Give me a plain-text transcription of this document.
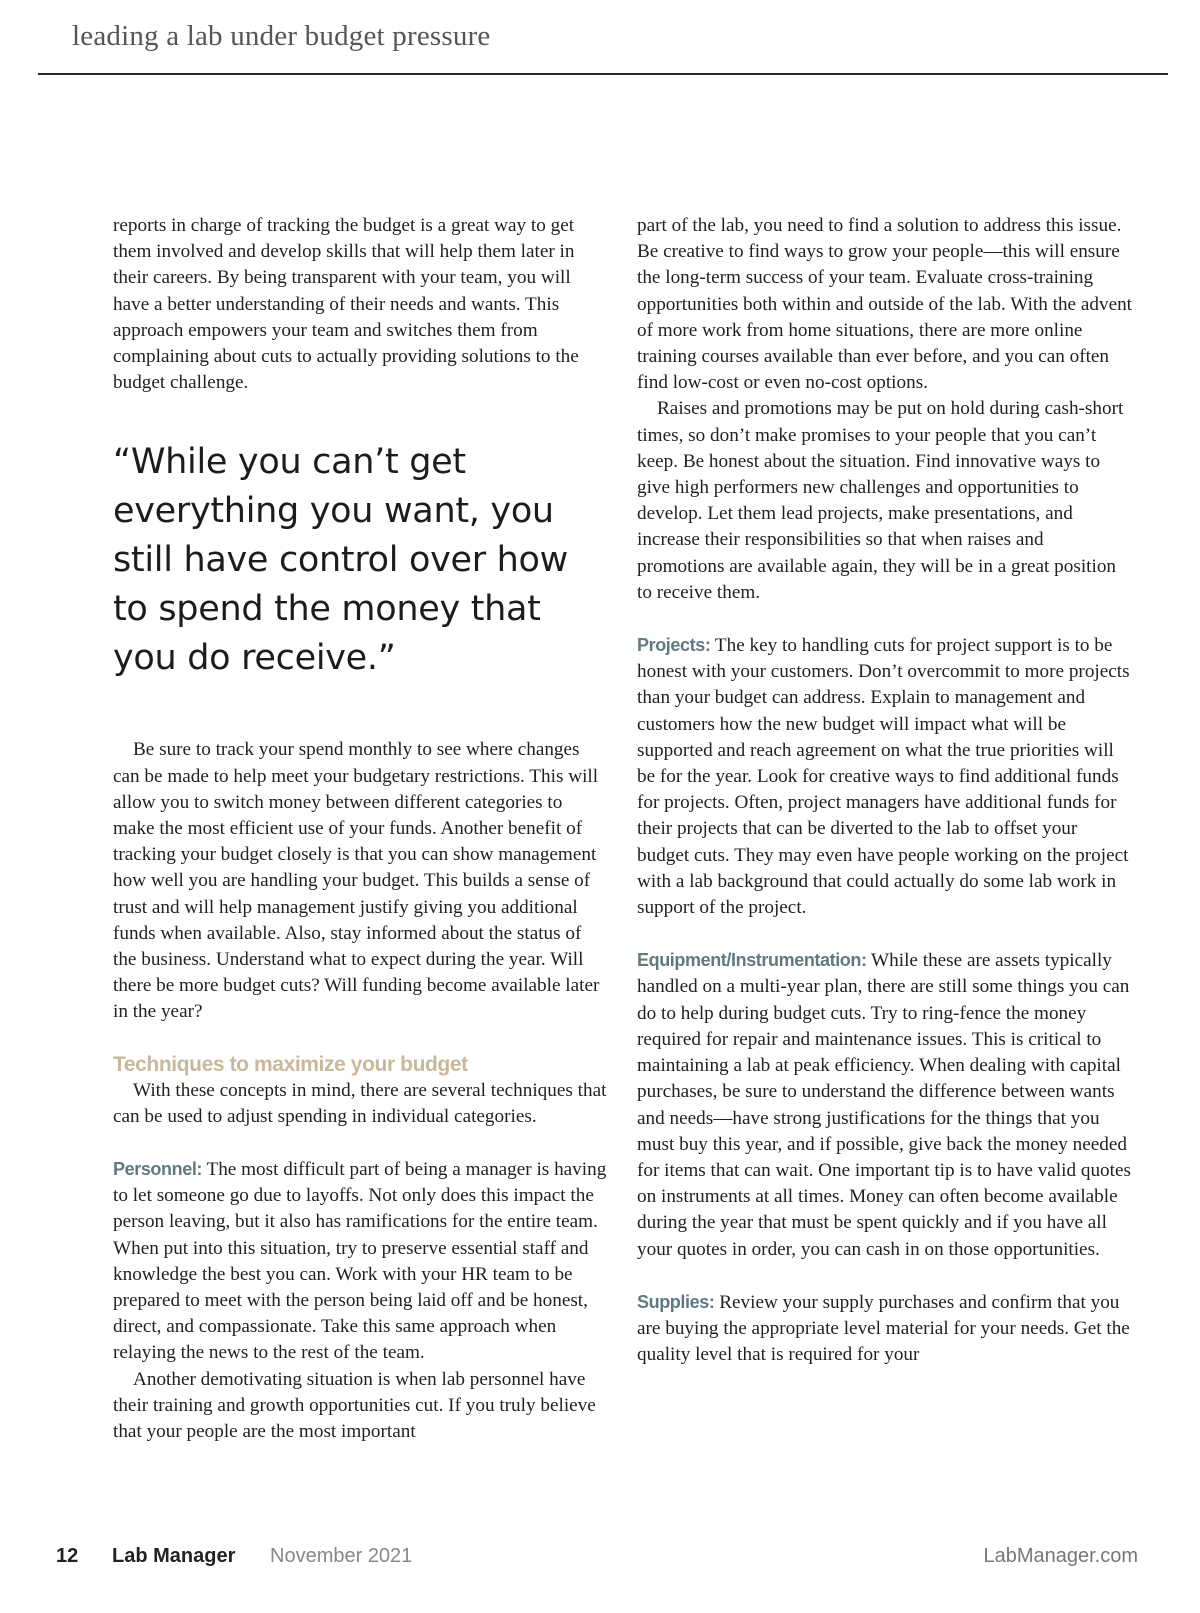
leading a lab under budget pressure

reports in charge of tracking the budget is a great way to get them involved and develop skills that will help them later in their careers. By being transparent with your team, you will have a better understanding of their needs and wants. This approach empowers your team and switches them from complaining about cuts to actually providing solutions to the budget challenge.

“While you can’t get everything you want, you still have control over how to spend the money that you do receive.”

Be sure to track your spend monthly to see where changes can be made to help meet your budgetary restrictions. This will allow you to switch money between different categories to make the most efficient use of your funds. Another benefit of tracking your budget closely is that you can show management how well you are handling your budget. This builds a sense of trust and will help management justify giving you additional funds when available. Also, stay informed about the status of the business. Understand what to expect during the year. Will there be more budget cuts? Will funding become available later in the year?

Techniques to maximize your budget

With these concepts in mind, there are several techniques that can be used to adjust spending in individual categories.

Personnel: The most difficult part of being a manager is having to let someone go due to layoffs. Not only does this impact the person leaving, but it also has ramifications for the entire team. When put into this situation, try to preserve essential staff and knowledge the best you can. Work with your HR team to be prepared to meet with the person being laid off and be honest, direct, and compassionate. Take this same approach when relaying the news to the rest of the team.

Another demotivating situation is when lab personnel have their training and growth opportunities cut. If you truly believe that your people are the most important

part of the lab, you need to find a solution to address this issue. Be creative to find ways to grow your people—this will ensure the long-term success of your team. Evaluate cross-training opportunities both within and outside of the lab. With the advent of more work from home situations, there are more online training courses available than ever before, and you can often find low-cost or even no-cost options.

Raises and promotions may be put on hold during cash-short times, so don’t make promises to your people that you can’t keep. Be honest about the situation. Find innovative ways to give high performers new challenges and opportunities to develop. Let them lead projects, make presentations, and increase their responsibilities so that when raises and promotions are available again, they will be in a great position to receive them.

Projects: The key to handling cuts for project support is to be honest with your customers. Don’t overcommit to more projects than your budget can address. Explain to management and customers how the new budget will impact what will be supported and reach agreement on what the true priorities will be for the year. Look for creative ways to find additional funds for projects. Often, project managers have additional funds for their projects that can be diverted to the lab to offset your budget cuts. They may even have people working on the project with a lab background that could actually do some lab work in support of the project.

Equipment/Instrumentation: While these are assets typically handled on a multi-year plan, there are still some things you can do to help during budget cuts. Try to ring-fence the money required for repair and maintenance issues. This is critical to maintaining a lab at peak efficiency. When dealing with capital purchases, be sure to understand the difference between wants and needs—have strong justifications for the things that you must buy this year, and if possible, give back the money needed for items that can wait. One important tip is to have valid quotes on instruments at all times. Money can often become available during the year that must be spent quickly and if you have all your quotes in order, you can cash in on those opportunities.

Supplies: Review your supply purchases and confirm that you are buying the appropriate level material for your needs. Get the quality level that is required for your

12 Lab Manager November 2021	LabManager.com
